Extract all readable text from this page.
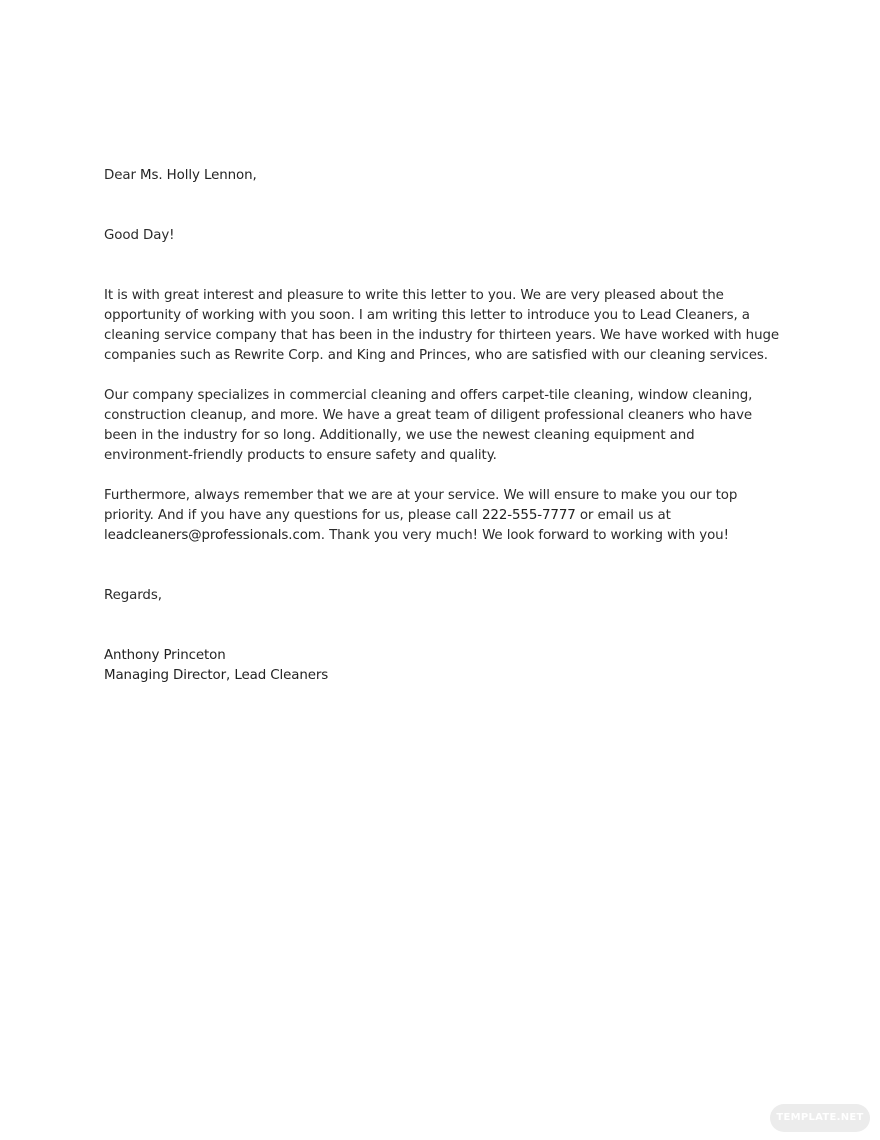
Dear Ms. Holly Lennon,

Good Day!

It is with great interest and pleasure to write this letter to you. We are very pleased about the opportunity of working with you soon. I am writing this letter to introduce you to Lead Cleaners, a cleaning service company that has been in the industry for thirteen years. We have worked with huge companies such as Rewrite Corp. and King and Princes, who are satisfied with our cleaning services.

Our company specializes in commercial cleaning and offers carpet-tile cleaning, window cleaning, construction cleanup, and more. We have a great team of diligent professional cleaners who have been in the industry for so long. Additionally, we use the newest cleaning equipment and environment-friendly products to ensure safety and quality.

Furthermore, always remember that we are at your service. We will ensure to make you our top priority. And if you have any questions for us, please call 222-555-7777 or email us at leadcleaners@professionals.com. Thank you very much! We look forward to working with you!

Regards,

Anthony Princeton
Managing Director, Lead Cleaners

TEMPLATE.NET
